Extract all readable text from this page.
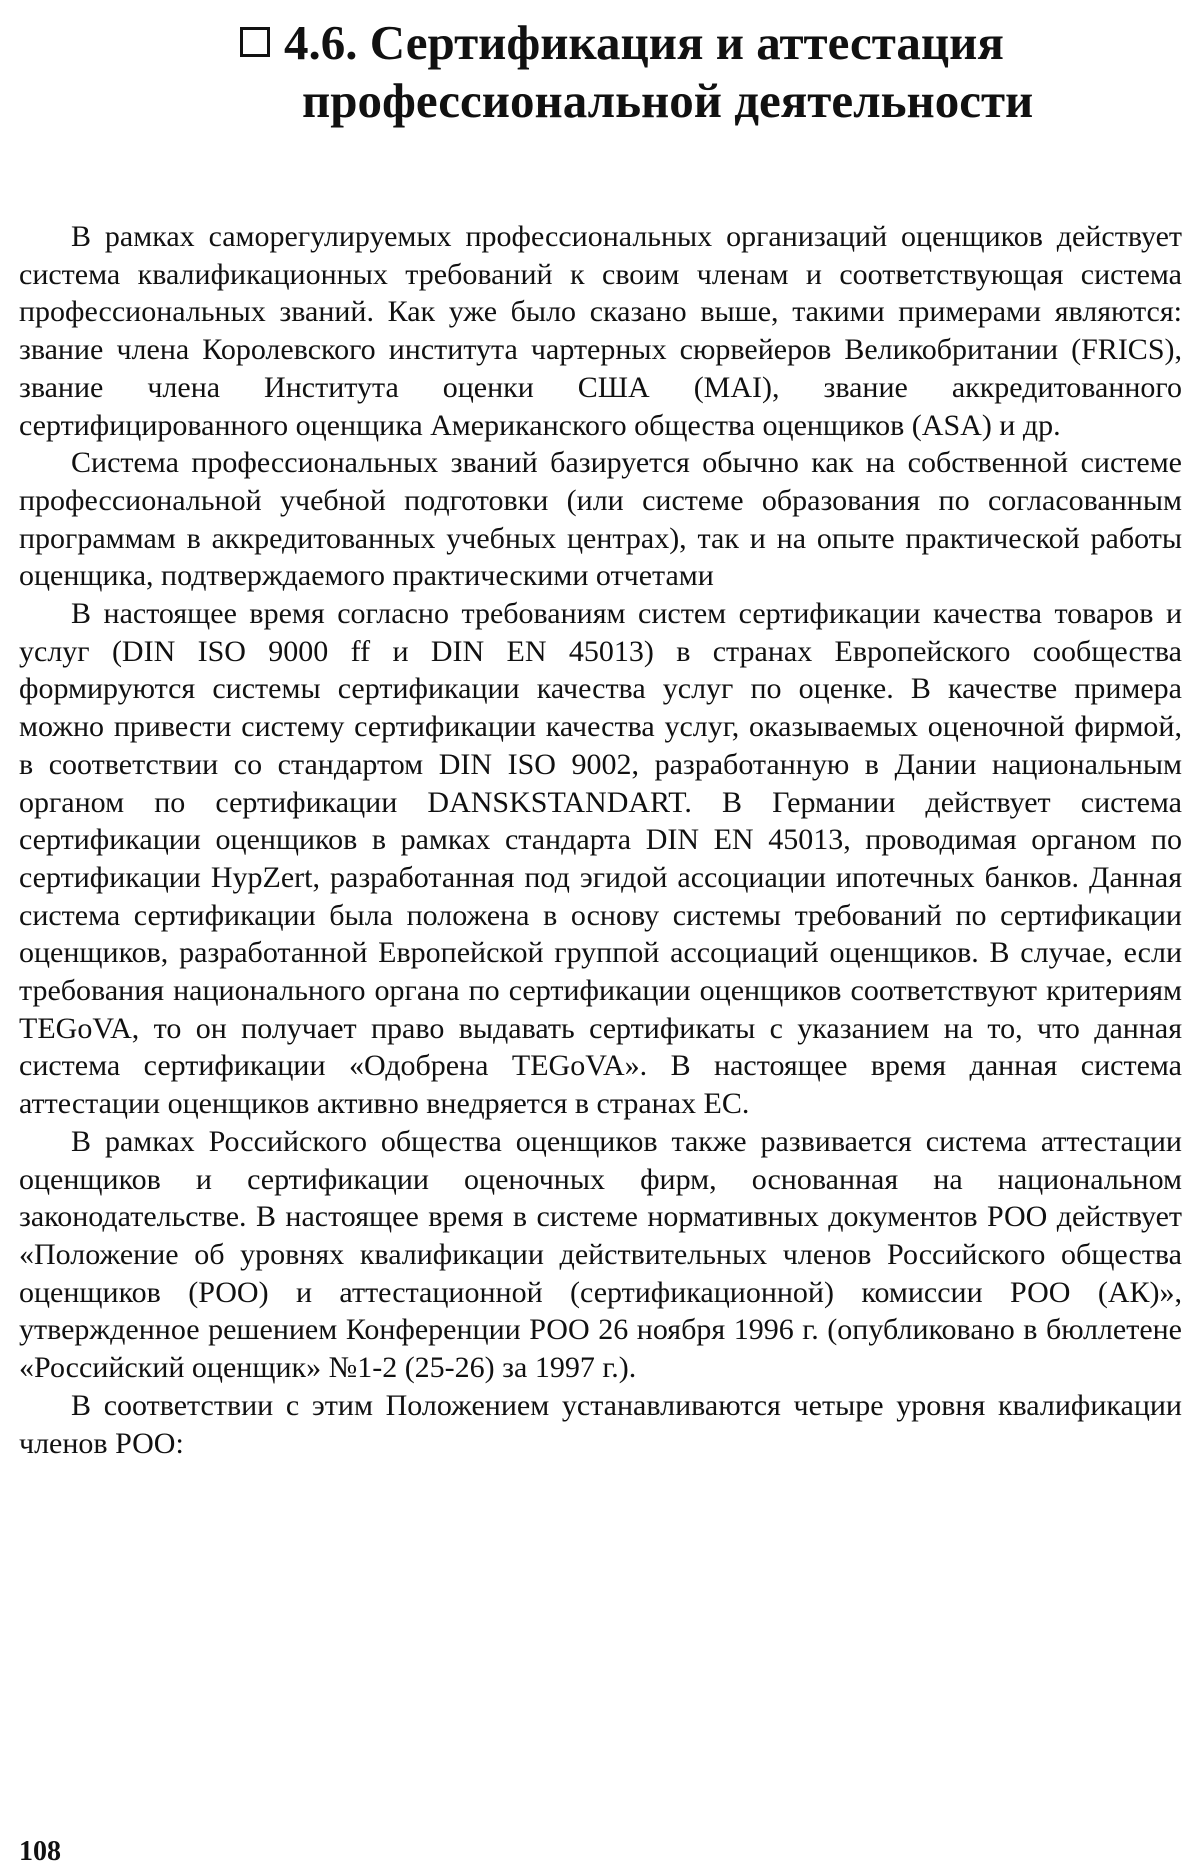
4.6. Сертификация и аттестация
профессиональной деятельности

В рамках саморегулируемых профессиональных организаций оценщиков действует система квалификационных требований к своим членам и соответствующая система профессиональных званий. Как уже было сказано выше, такими примерами являются: звание члена Королевского института чартерных сюрвейеров Великобритании (FRICS), звание члена Института оценки США (MAI), звание аккредитованного сертифицированного оценщика Американского общества оценщиков (ASA) и др.

Система профессиональных званий базируется обычно как на собственной системе профессиональной учебной подготовки (или системе образования по согласованным программам в аккредитованных учебных центрах), так и на опыте практической работы оценщика, подтверждаемого практическими отчетами

В настоящее время согласно требованиям систем сертификации качества товаров и услуг (DIN ISO 9000 ff и DIN EN 45013) в странах Европейского сообщества формируются системы сертификации качества услуг по оценке. В качестве примера можно привести систему сертификации качества услуг, оказываемых оценочной фирмой, в соответствии со стандартом DIN ISO 9002, разработанную в Дании национальным органом по сертификации DANSKSTANDART. В Германии действует система сертификации оценщиков в рамках стандарта DIN EN 45013, проводимая органом по сертификации HypZert, разработанная под эгидой ассоциации ипотечных банков. Данная система сертификации была положена в основу системы требований по сертификации оценщиков, разработанной Европейской группой ассоциаций оценщиков. В случае, если требования национального органа по сертификации оценщиков соответствуют критериям TEGoVA, то он получает право выдавать сертификаты с указанием на то, что данная система сертификации «Одобрена TEGoVA». В настоящее время данная система аттестации оценщиков активно внедряется в странах ЕС.

В рамках Российского общества оценщиков также развивается система аттестации оценщиков и сертификации оценочных фирм, основанная на национальном законодательстве. В настоящее время в системе нормативных документов РОО действует «Положение об уровнях квалификации действительных членов Российского общества оценщиков (РОО) и аттестационной (сертификационной) комиссии РОО (АК)», утвержденное решением Конференции РОО 26 ноября 1996 г. (опубликовано в бюллетене «Российский оценщик» №1-2 (25-26) за 1997 г.).

В соответствии с этим Положением устанавливаются четыре уровня квалификации членов РОО:

108
